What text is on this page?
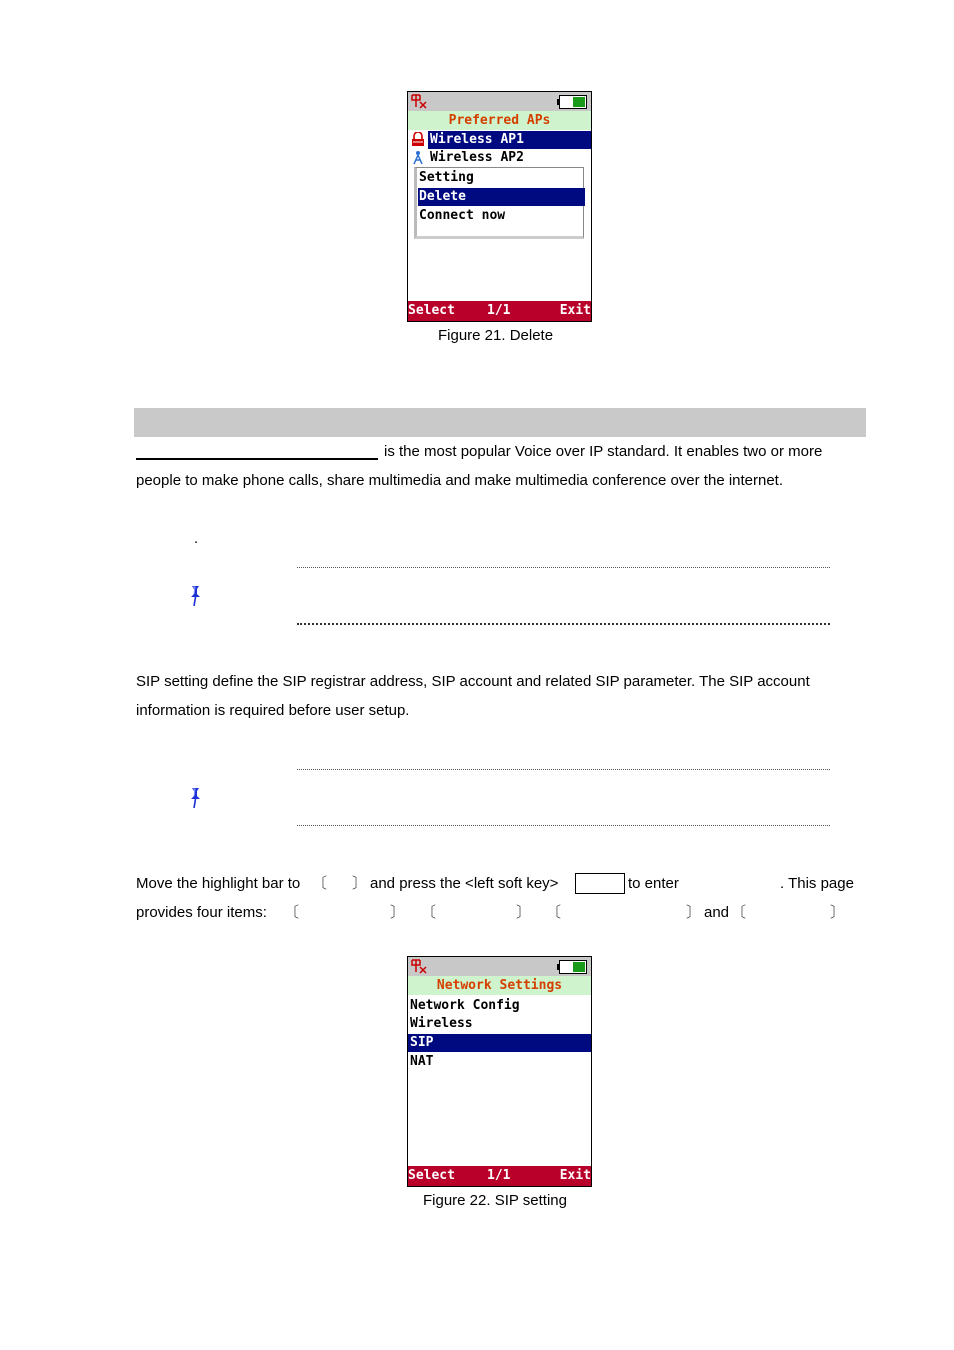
Preferred APs
Wireless AP1
Wireless AP2
Setting
Delete
Connect now
Select 1/1	Exit
Figure 21. Delete
is the most popular Voice over IP standard. It enables two or more
people to make phone calls, share multimedia and make multimedia conference over the internet.
.
SIP setting define the SIP registrar address, SIP account and related SIP parameter. The SIP account
information is required before user setup.
Move the highlight bar to 〔 〕 and press the <left soft key>	to enter	. This page
provides four items: 〔	〕 〔	〕 〔	〕 and 〔	〕
Network Settings
Network Config
Wireless
SIP
NAT
Select 1/1	Exit
Figure 22. SIP setting
